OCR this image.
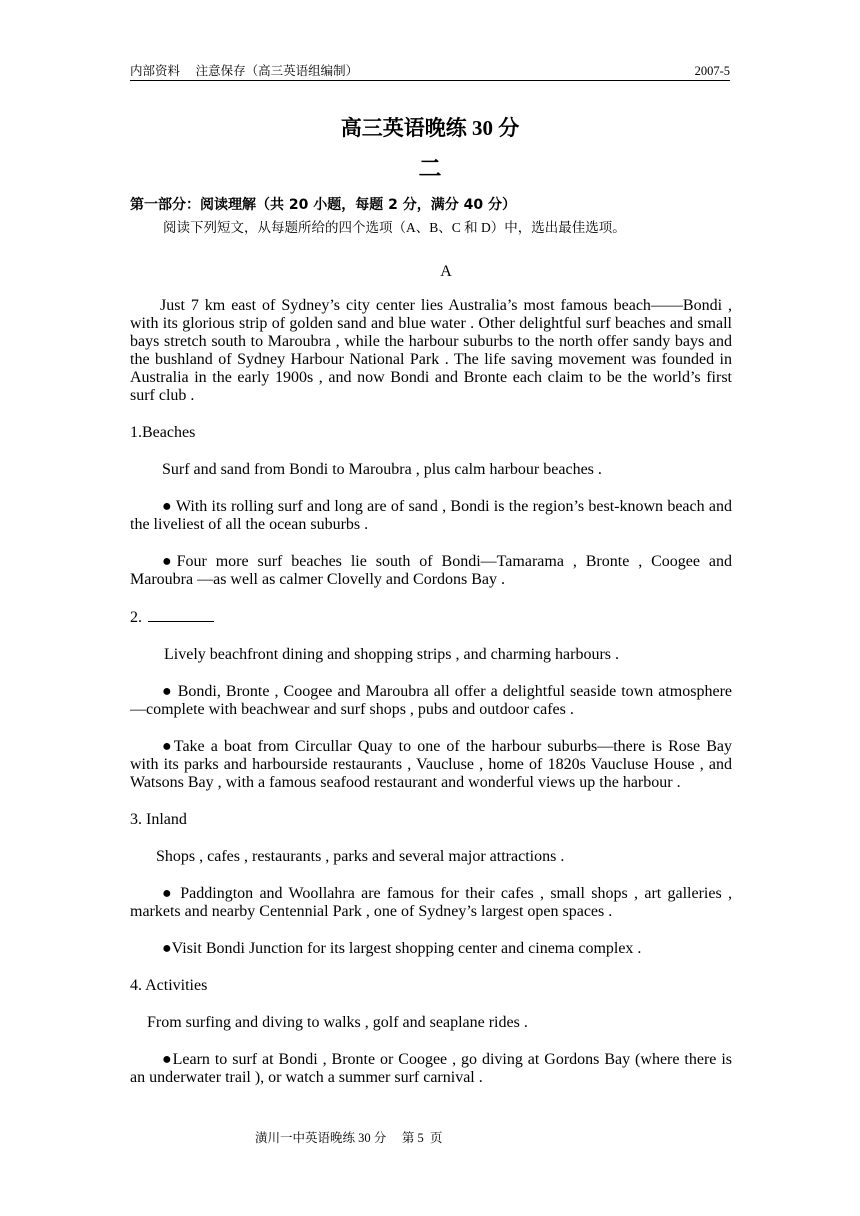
内部资料　 注意保存（高三英语组编制）	2007-5
高三英语晚练 30 分
二
第一部分：阅读理解（共 20 小题，每题 2 分，满分 40 分）
阅读下列短文，从每题所给的四个选项（A、B、C 和 D）中，选出最佳选项。
A

Just 7 km east of Sydney’s city center lies Australia’s most famous beach——Bondi , with its glorious strip of golden sand and blue water . Other delightful surf beaches and small bays stretch south to Maroubra , while the harbour suburbs to the north offer sandy bays and the bushland of Sydney Harbour National Park . The life saving movement was founded in Australia in the early 1900s , and now Bondi and Bronte each claim to be the world’s first surf club .

1.Beaches

Surf and sand from Bondi to Maroubra , plus calm harbour beaches .

● With its rolling surf and long are of sand , Bondi is the region’s best-known beach and the liveliest of all the ocean suburbs .

●Four more surf beaches lie south of Bondi—Tamarama , Bronte , Coogee and Maroubra —as well as calmer Clovelly and Cordons Bay .

2.

Lively beachfront dining and shopping strips , and charming harbours .

● Bondi, Bronte , Coogee and Maroubra all offer a delightful seaside town atmosphere —complete with beachwear and surf shops , pubs and outdoor cafes .

●Take a boat from Circullar Quay to one of the harbour suburbs—there is Rose Bay with its parks and harbourside restaurants , Vaucluse , home of 1820s Vaucluse House , and Watsons Bay , with a famous seafood restaurant and wonderful views up the harbour .

3. Inland

Shops , cafes , restaurants , parks and several major attractions .

● Paddington and Woollahra are famous for their cafes , small shops , art galleries , markets and nearby Centennial Park , one of Sydney’s largest open spaces .

●Visit Bondi Junction for its largest shopping center and cinema complex .

4. Activities

From surfing and diving to walks , golf and seaplane rides .

●Learn to surf at Bondi , Bronte or Coogee , go diving at Gordons Bay (where there is an underwater trail ), or watch a summer surf carnival .

潢川一中英语晚练 30 分　 第 5  页
